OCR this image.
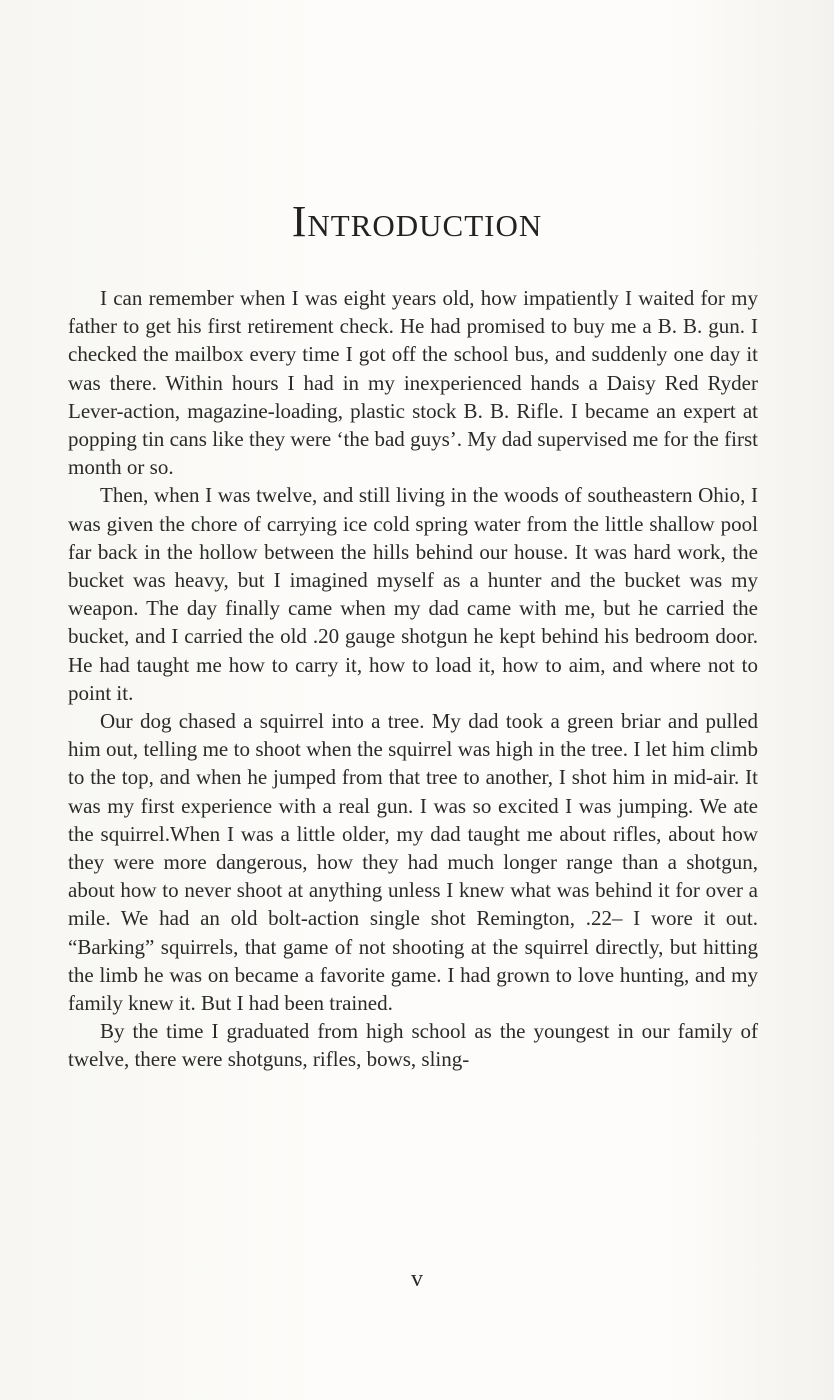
Introduction

I can remember when I was eight years old, how impatiently I waited for my father to get his first retirement check. He had promised to buy me a B. B. gun. I checked the mailbox every time I got off the school bus, and suddenly one day it was there. Within hours I had in my inexperienced hands a Daisy Red Ryder Lever-action, magazine-loading, plastic stock B. B. Rifle. I became an expert at popping tin cans like they were ‘the bad guys’. My dad supervised me for the first month or so.

Then, when I was twelve, and still living in the woods of southeastern Ohio, I was given the chore of carrying ice cold spring water from the little shallow pool far back in the hollow between the hills behind our house. It was hard work, the bucket was heavy, but I imagined myself as a hunter and the bucket was my weapon. The day finally came when my dad came with me, but he carried the bucket, and I carried the old .20 gauge shotgun he kept behind his bedroom door. He had taught me how to carry it, how to load it, how to aim, and where not to point it.

Our dog chased a squirrel into a tree. My dad took a green briar and pulled him out, telling me to shoot when the squirrel was high in the tree. I let him climb to the top, and when he jumped from that tree to another, I shot him in mid-air. It was my first experience with a real gun. I was so excited I was jumping. We ate the squirrel.When I was a little older, my dad taught me about rifles, about how they were more dangerous, how they had much longer range than a shotgun, about how to never shoot at anything unless I knew what was behind it for over a mile. We had an old bolt-action single shot Remington, .22– I wore it out. “Barking” squirrels, that game of not shooting at the squirrel directly, but hitting the limb he was on became a favorite game. I had grown to love hunting, and my family knew it. But I had been trained.

By the time I graduated from high school as the youngest in our family of twelve, there were shotguns, rifles, bows, sling-

v
